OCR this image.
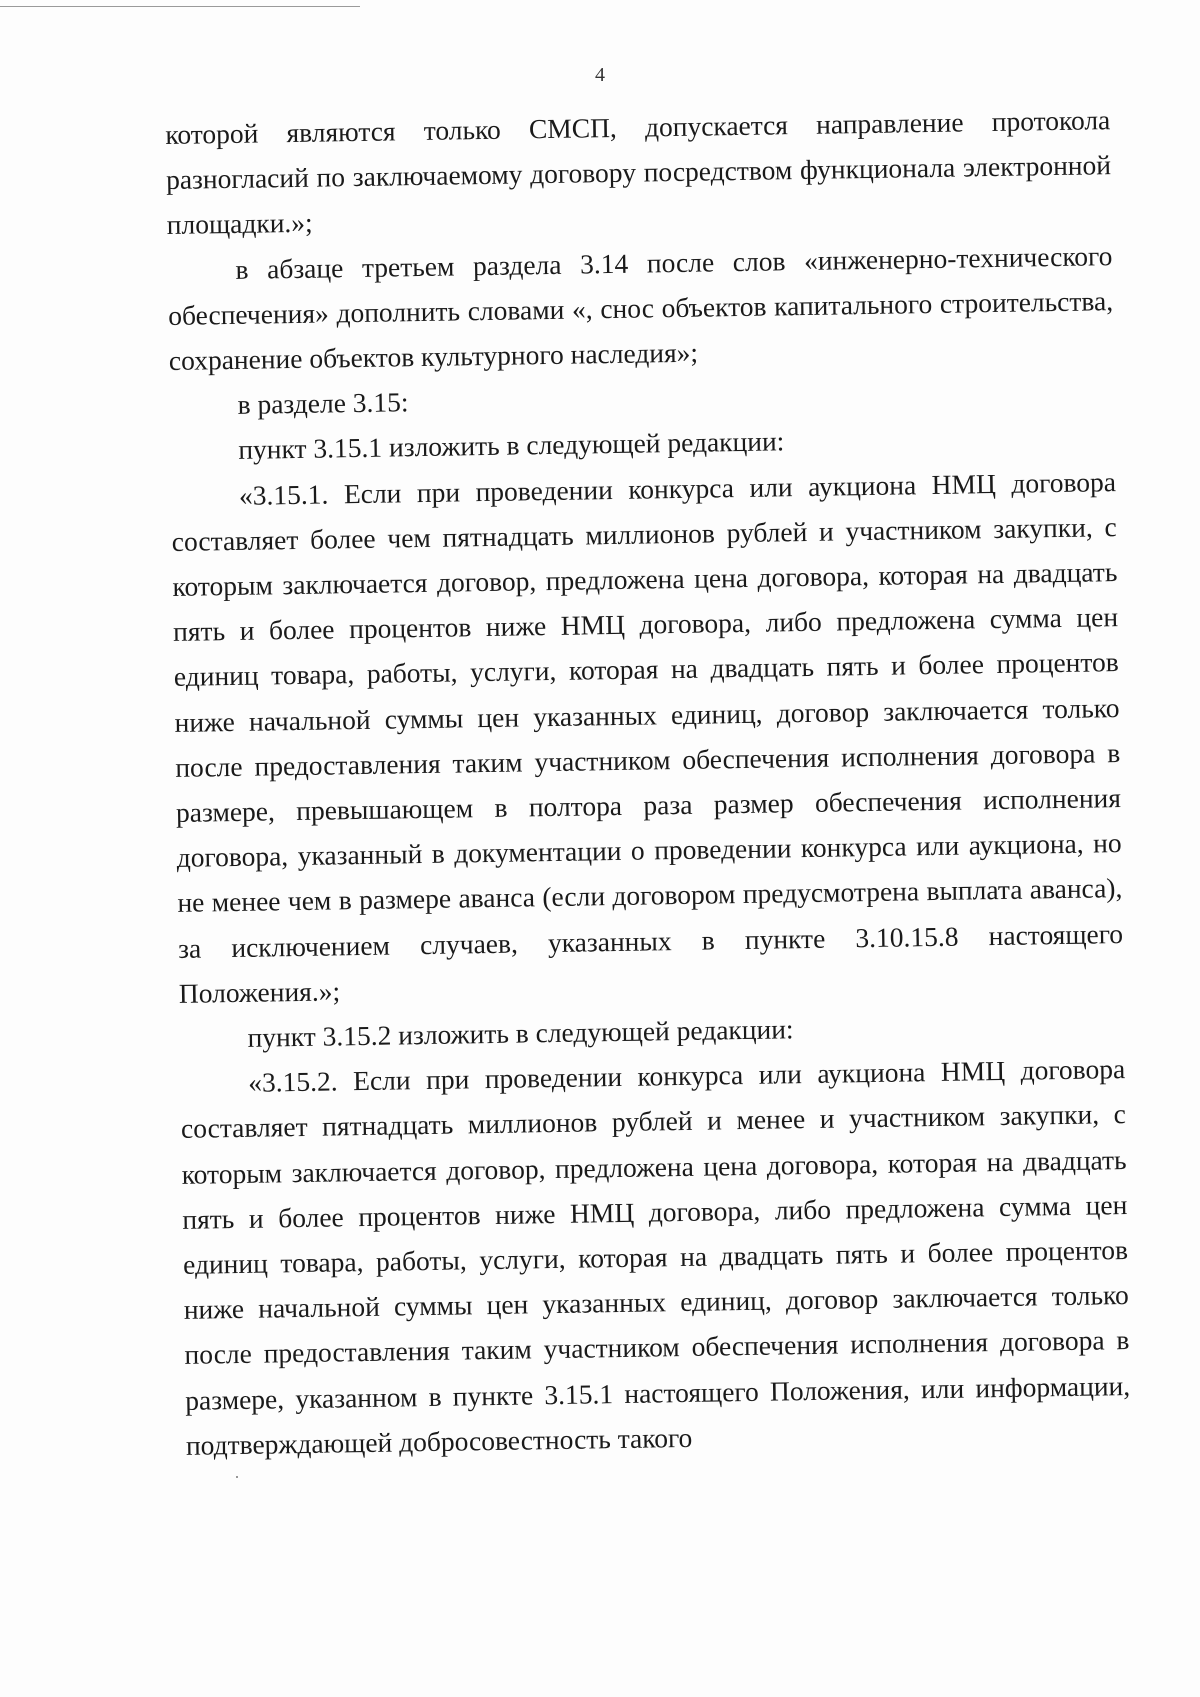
4

которой являются только СМСП, допускается направление протокола разногласий по заключаемому договору посредством функционала электронной площадки.»;

в абзаце третьем раздела 3.14 после слов «инженерно-технического обеспечения» дополнить словами «, снос объектов капитального строительства, сохранение объектов культурного наследия»;

в разделе 3.15:

пункт 3.15.1 изложить в следующей редакции:

«3.15.1. Если при проведении конкурса или аукциона НМЦ договора составляет более чем пятнадцать миллионов рублей и участником закупки, с которым заключается договор, предложена цена договора, которая на двадцать пять и более процентов ниже НМЦ договора, либо предложена сумма цен единиц товара, работы, услуги, которая на двадцать пять и более процентов ниже начальной суммы цен указанных единиц, договор заключается только после предоставления таким участником обеспечения исполнения договора в размере, превышающем в полтора раза размер обеспечения исполнения договора, указанный в документации о проведении конкурса или аукциона, но не менее чем в размере аванса (если договором предусмотрена выплата аванса), за исключением случаев, указанных в пункте 3.10.15.8 настоящего Положения.»;

пункт 3.15.2 изложить в следующей редакции:

«3.15.2. Если при проведении конкурса или аукциона НМЦ договора составляет пятнадцать миллионов рублей и менее и участником закупки, с которым заключается договор, предложена цена договора, которая на двадцать пять и более процентов ниже НМЦ договора, либо предложена сумма цен единиц товара, работы, услуги, которая на двадцать пять и более процентов ниже начальной суммы цен указанных единиц, договор заключается только после предоставления таким участником обеспечения исполнения договора в размере, указанном в пункте 3.15.1 настоящего Положения, или информации, подтверждающей добросовестность такого
